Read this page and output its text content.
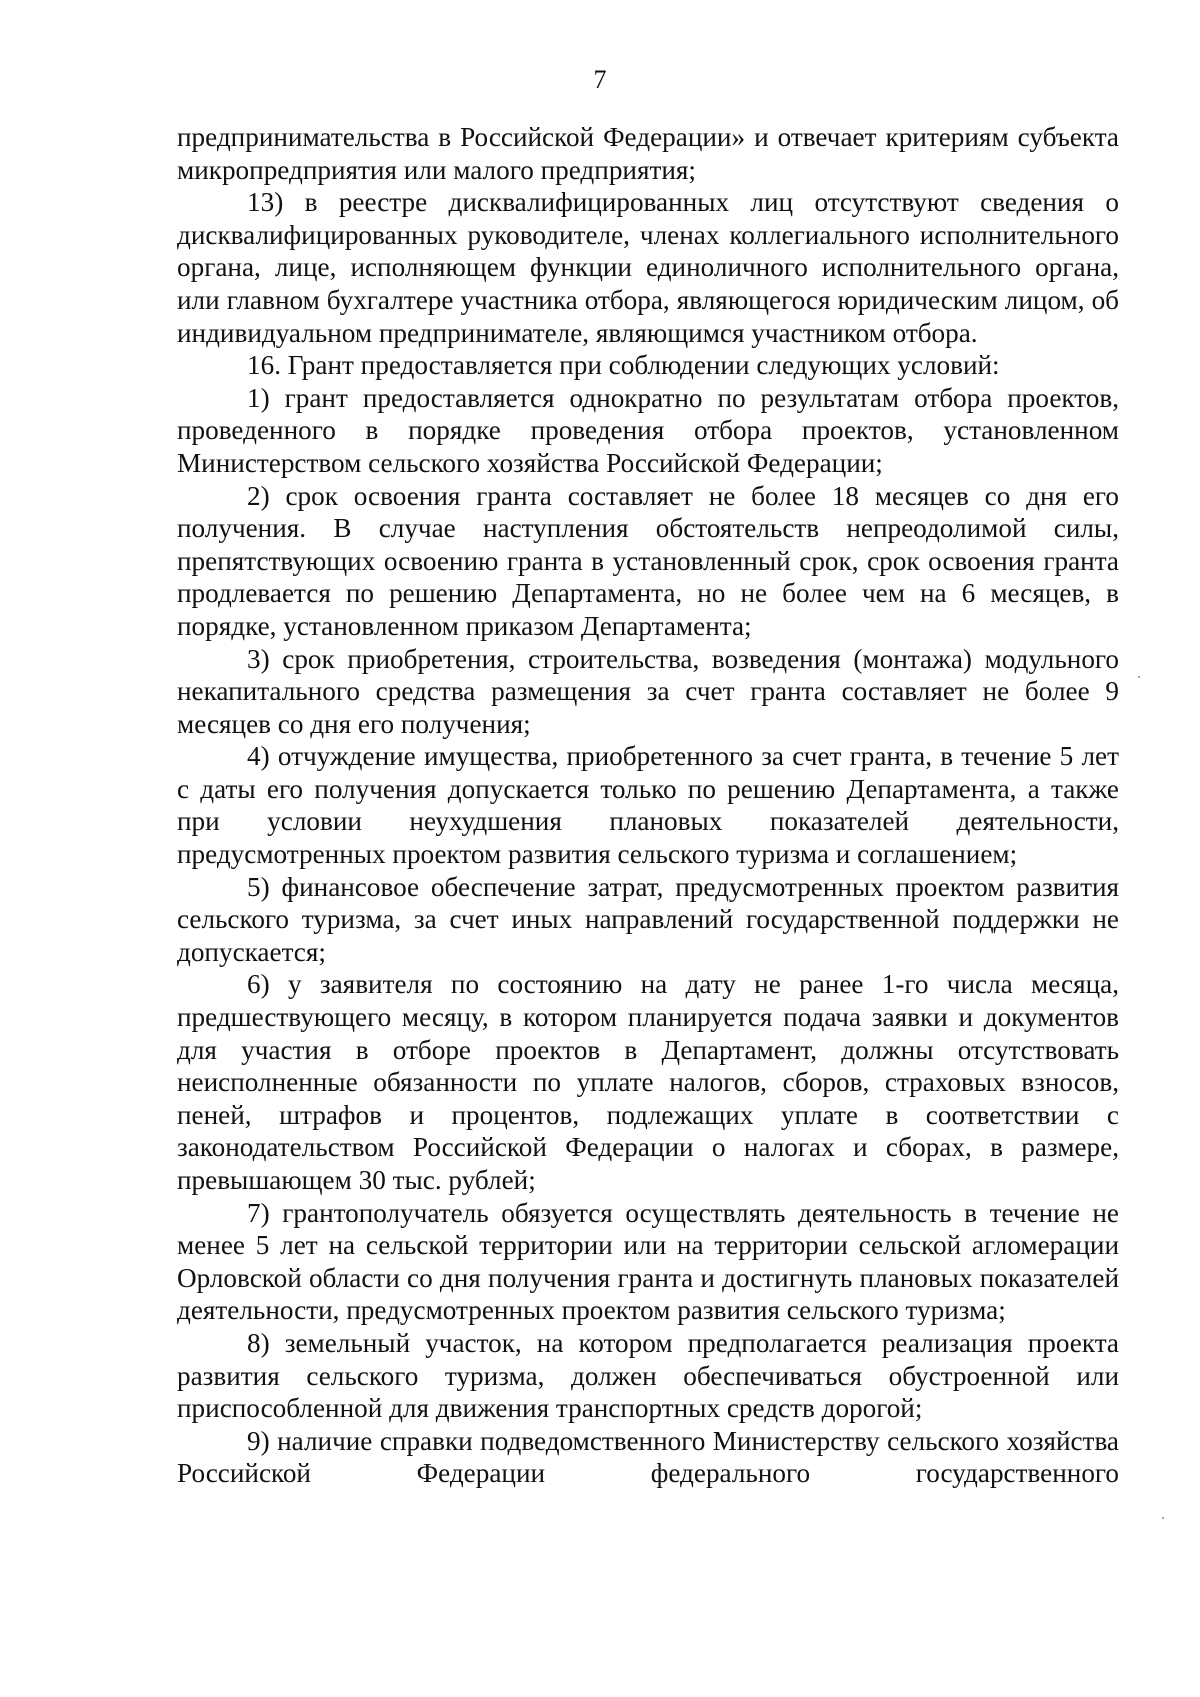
7

предпринимательства в Российской Федерации» и отвечает критериям субъекта микропредприятия или малого предприятия;

13) в реестре дисквалифицированных лиц отсутствуют сведения о дисквалифицированных руководителе, членах коллегиального исполнительного органа, лице, исполняющем функции единоличного исполнительного органа, или главном бухгалтере участника отбора, являющегося юридическим лицом, об индивидуальном предпринимателе, являющимся участником отбора.

16. Грант предоставляется при соблюдении следующих условий:

1) грант предоставляется однократно по результатам отбора проектов, проведенного в порядке проведения отбора проектов, установленном Министерством сельского хозяйства Российской Федерации;

2) срок освоения гранта составляет не более 18 месяцев со дня его получения. В случае наступления обстоятельств непреодолимой силы, препятствующих освоению гранта в установленный срок, срок освоения гранта продлевается по решению Департамента, но не более чем на 6 месяцев, в порядке, установленном приказом Департамента;

3) срок приобретения, строительства, возведения (монтажа) модульного некапитального средства размещения за счет гранта составляет не более 9 месяцев со дня его получения;

4) отчуждение имущества, приобретенного за счет гранта, в течение 5 лет с даты его получения допускается только по решению Департамента, а также при условии неухудшения плановых показателей деятельности, предусмотренных проектом развития сельского туризма и соглашением;

5) финансовое обеспечение затрат, предусмотренных проектом развития сельского туризма, за счет иных направлений государственной поддержки не допускается;

6) у заявителя по состоянию на дату не ранее 1-го числа месяца, предшествующего месяцу, в котором планируется подача заявки и документов для участия в отборе проектов в Департамент, должны отсутствовать неисполненные обязанности по уплате налогов, сборов, страховых взносов, пеней, штрафов и процентов, подлежащих уплате в соответствии с законодательством Российской Федерации о налогах и сборах, в размере, превышающем 30 тыс. рублей;

7) грантополучатель обязуется осуществлять деятельность в течение не менее 5 лет на сельской территории или на территории сельской агломерации Орловской области со дня получения гранта и достигнуть плановых показателей деятельности, предусмотренных проектом развития сельского туризма;

8) земельный участок, на котором предполагается реализация проекта развития сельского туризма, должен обеспечиваться обустроенной или приспособленной для движения транспортных средств дорогой;

9) наличие справки подведомственного Министерству сельского хозяйства Российской Федерации федерального государственного
